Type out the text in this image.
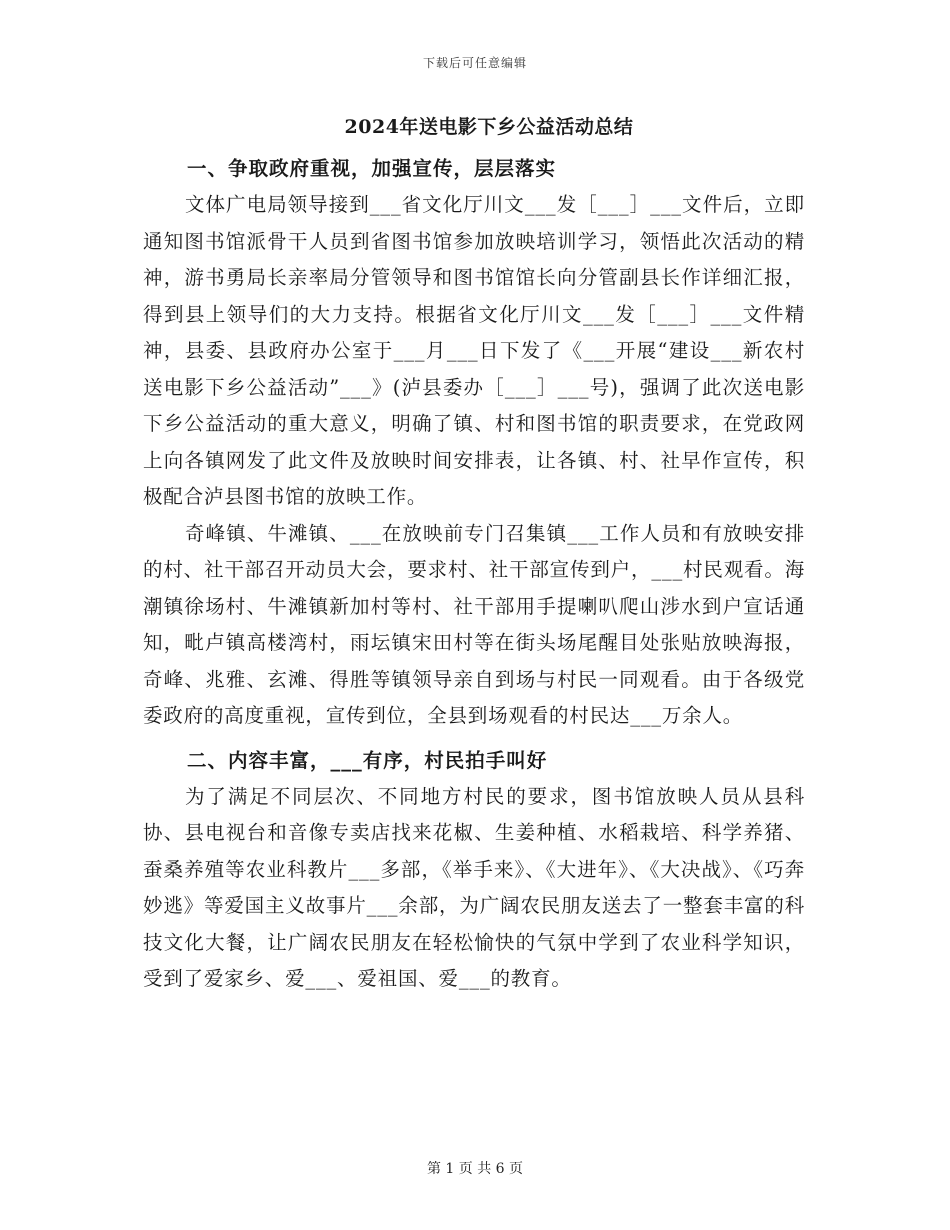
下载后可任意编辑
2024年送电影下乡公益活动总结
一、争取政府重视，加强宣传，层层落实

文体广电局领导接到___省文化厅川文___发［___］___文件后，立即通知图书馆派骨干人员到省图书馆参加放映培训学习，领悟此次活动的精神，游书勇局长亲率局分管领导和图书馆馆长向分管副县长作详细汇报，得到县上领导们的大力支持。根据省文化厅川文___发［___］___文件精神，县委、县政府办公室于___月___日下发了《___开展“建设___新农村送电影下乡公益活动”___》(泸县委办［___］___号)，强调了此次送电影下乡公益活动的重大意义，明确了镇、村和图书馆的职责要求，在党政网上向各镇网发了此文件及放映时间安排表，让各镇、村、社早作宣传，积极配合泸县图书馆的放映工作。

奇峰镇、牛滩镇、___在放映前专门召集镇___工作人员和有放映安排的村、社干部召开动员大会，要求村、社干部宣传到户，___村民观看。海潮镇徐场村、牛滩镇新加村等村、社干部用手提喇叭爬山涉水到户宣话通知，毗卢镇高楼湾村，雨坛镇宋田村等在街头场尾醒目处张贴放映海报，奇峰、兆雅、玄滩、得胜等镇领导亲自到场与村民一同观看。由于各级党委政府的高度重视，宣传到位，全县到场观看的村民达___万余人。

二、内容丰富，___有序，村民拍手叫好

为了满足不同层次、不同地方村民的要求，图书馆放映人员从县科协、县电视台和音像专卖店找来花椒、生姜种植、水稻栽培、科学养猪、蚕桑养殖等农业科教片___多部，《举手来》、《大进年》、《大决战》、《巧奔妙逃》等爱国主义故事片___余部，为广阔农民朋友送去了一整套丰富的科技文化大餐，让广阔农民朋友在轻松愉快的气氛中学到了农业科学知识，受到了爱家乡、爱___、爱祖国、爱___的教育。

第 1 页 共 6 页
